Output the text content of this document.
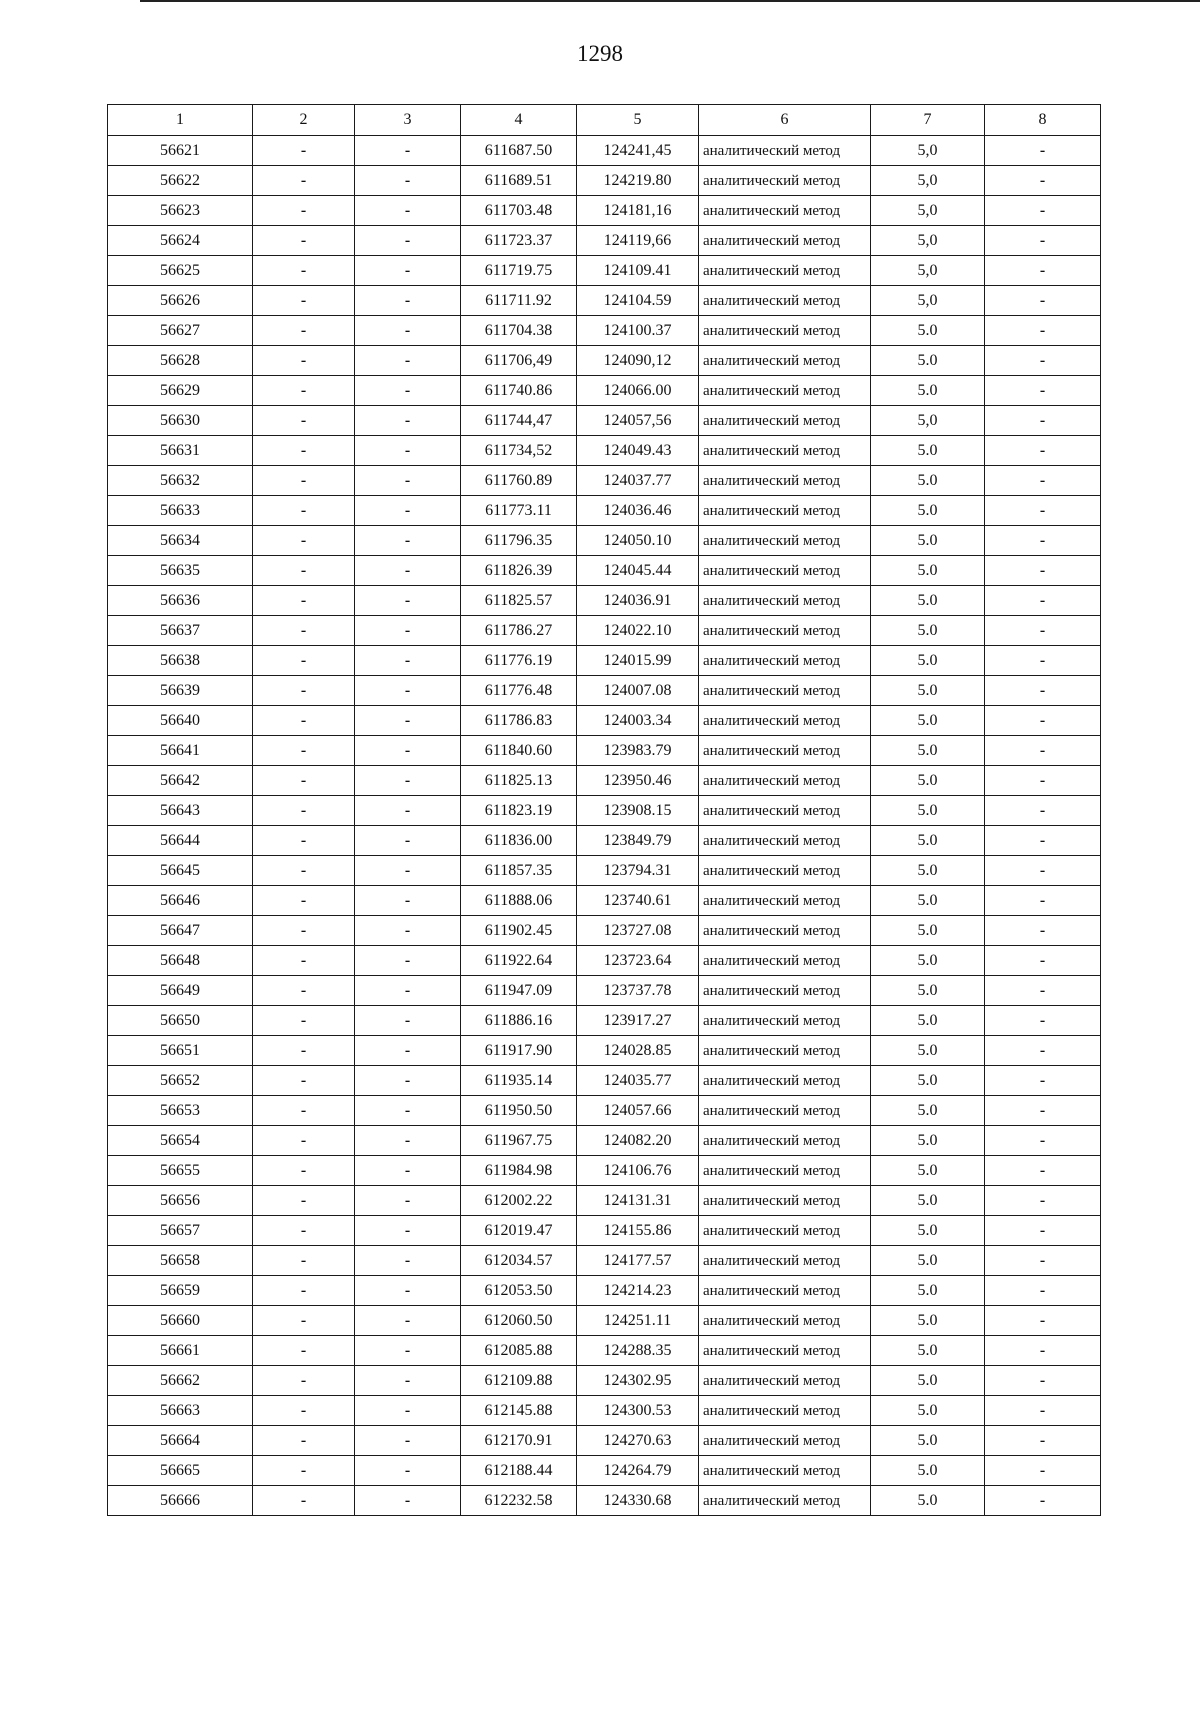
1298
1	2	3	4	5	6	7	8
56621	-	-	611687.50	124241,45	аналитический метод	5,0	-
56622	-	-	611689.51	124219.80	аналитический метод	5,0	-
56623	-	-	611703.48	124181,16	аналитический метод	5,0	-
56624	-	-	611723.37	124119,66	аналитический метод	5,0	-
56625	-	-	611719.75	124109.41	аналитический метод	5,0	-
56626	-	-	611711.92	124104.59	аналитический метод	5,0	-
56627	-	-	611704.38	124100.37	аналитический метод	5.0	-
56628	-	-	611706,49	124090,12	аналитический метод	5.0	-
56629	-	-	611740.86	124066.00	аналитический метод	5.0	-
56630	-	-	611744,47	124057,56	аналитический метод	5,0	-
56631	-	-	611734,52	124049.43	аналитический метод	5.0	-
56632	-	-	611760.89	124037.77	аналитический метод	5.0	-
56633	-	-	611773.11	124036.46	аналитический метод	5.0	-
56634	-	-	611796.35	124050.10	аналитический метод	5.0	-
56635	-	-	611826.39	124045.44	аналитический метод	5.0	-
56636	-	-	611825.57	124036.91	аналитический метод	5.0	-
56637	-	-	611786.27	124022.10	аналитический метод	5.0	-
56638	-	-	611776.19	124015.99	аналитический метод	5.0	-
56639	-	-	611776.48	124007.08	аналитический метод	5.0	-
56640	-	-	611786.83	124003.34	аналитический метод	5.0	-
56641	-	-	611840.60	123983.79	аналитический метод	5.0	-
56642	-	-	611825.13	123950.46	аналитический метод	5.0	-
56643	-	-	611823.19	123908.15	аналитический метод	5.0	-
56644	-	-	611836.00	123849.79	аналитический метод	5.0	-
56645	-	-	611857.35	123794.31	аналитический метод	5.0	-
56646	-	-	611888.06	123740.61	аналитический метод	5.0	-
56647	-	-	611902.45	123727.08	аналитический метод	5.0	-
56648	-	-	611922.64	123723.64	аналитический метод	5.0	-
56649	-	-	611947.09	123737.78	аналитический метод	5.0	-
56650	-	-	611886.16	123917.27	аналитический метод	5.0	-
56651	-	-	611917.90	124028.85	аналитический метод	5.0	-
56652	-	-	611935.14	124035.77	аналитический метод	5.0	-
56653	-	-	611950.50	124057.66	аналитический метод	5.0	-
56654	-	-	611967.75	124082.20	аналитический метод	5.0	-
56655	-	-	611984.98	124106.76	аналитический метод	5.0	-
56656	-	-	612002.22	124131.31	аналитический метод	5.0	-
56657	-	-	612019.47	124155.86	аналитический метод	5.0	-
56658	-	-	612034.57	124177.57	аналитический метод	5.0	-
56659	-	-	612053.50	124214.23	аналитический метод	5.0	-
56660	-	-	612060.50	124251.11	аналитический метод	5.0	-
56661	-	-	612085.88	124288.35	аналитический метод	5.0	-
56662	-	-	612109.88	124302.95	аналитический метод	5.0	-
56663	-	-	612145.88	124300.53	аналитический метод	5.0	-
56664	-	-	612170.91	124270.63	аналитический метод	5.0	-
56665	-	-	612188.44	124264.79	аналитический метод	5.0	-
56666	-	-	612232.58	124330.68	аналитический метод	5.0	-
